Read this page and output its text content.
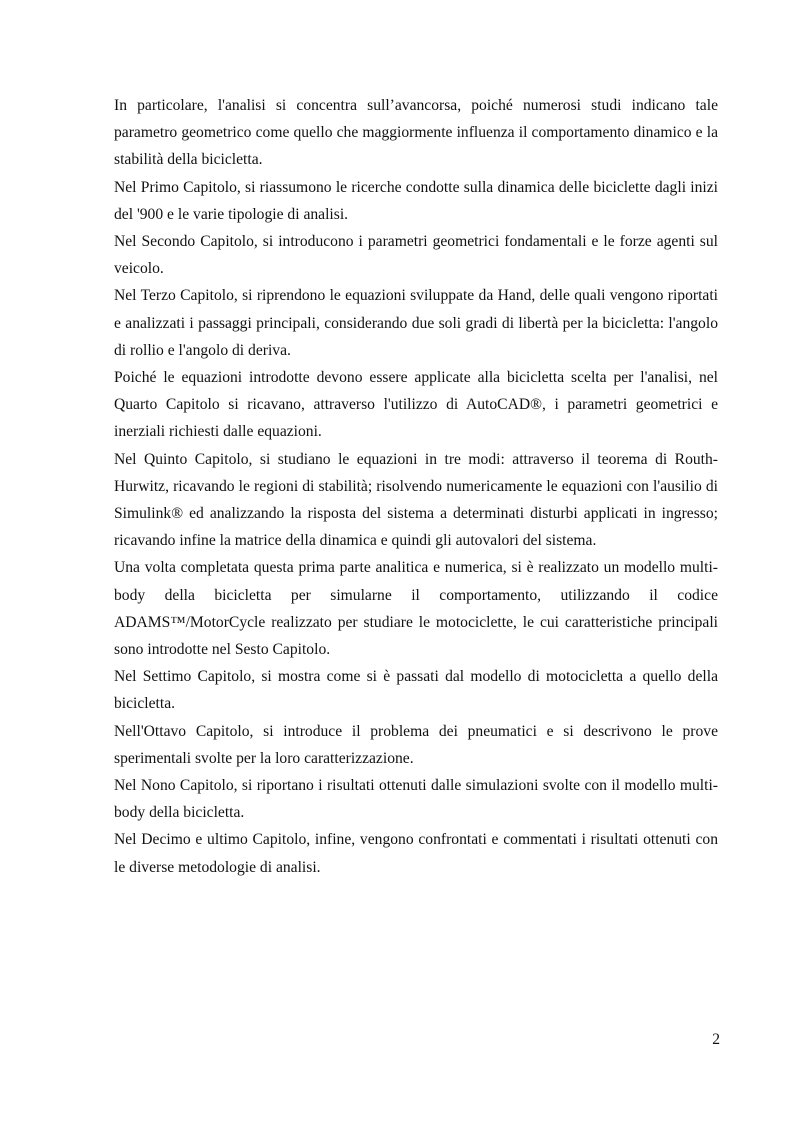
In particolare, l'analisi si concentra sull’avancorsa, poiché numerosi studi indicano tale parametro geometrico come quello che maggiormente influenza il comportamento dinamico e la stabilità della bicicletta.

Nel Primo Capitolo, si riassumono le ricerche condotte sulla dinamica delle biciclette dagli inizi del '900 e le varie tipologie di analisi.

Nel Secondo Capitolo, si introducono i parametri geometrici fondamentali e le forze agenti sul veicolo.

Nel Terzo Capitolo, si riprendono le equazioni sviluppate da Hand, delle quali vengono riportati e analizzati i passaggi principali, considerando due soli gradi di libertà per la bicicletta: l'angolo di rollio e l'angolo di deriva.

Poiché le equazioni introdotte devono essere applicate alla bicicletta scelta per l'analisi, nel Quarto Capitolo si ricavano, attraverso l'utilizzo di AutoCAD®, i parametri geometrici e inerziali richiesti dalle equazioni.

Nel Quinto Capitolo, si studiano le equazioni in tre modi: attraverso il teorema di Routh-Hurwitz, ricavando le regioni di stabilità; risolvendo numericamente le equazioni con l'ausilio di Simulink® ed analizzando la risposta del sistema a determinati disturbi applicati in ingresso; ricavando infine la matrice della dinamica e quindi gli autovalori del sistema.

Una volta completata questa prima parte analitica e numerica, si è realizzato un modello multi-body della bicicletta per simularne il comportamento, utilizzando il codice ADAMS™/MotorCycle realizzato per studiare le motociclette, le cui caratteristiche principali sono introdotte nel Sesto Capitolo.

Nel Settimo Capitolo, si mostra come si è passati dal modello di motocicletta a quello della bicicletta.

Nell'Ottavo Capitolo, si introduce il problema dei pneumatici e si descrivono le prove sperimentali svolte per la loro caratterizzazione.

Nel Nono Capitolo, si riportano i risultati ottenuti dalle simulazioni svolte con il modello multi-body della bicicletta.

Nel Decimo e ultimo Capitolo, infine, vengono confrontati e commentati i risultati ottenuti con le diverse metodologie di analisi.

2
